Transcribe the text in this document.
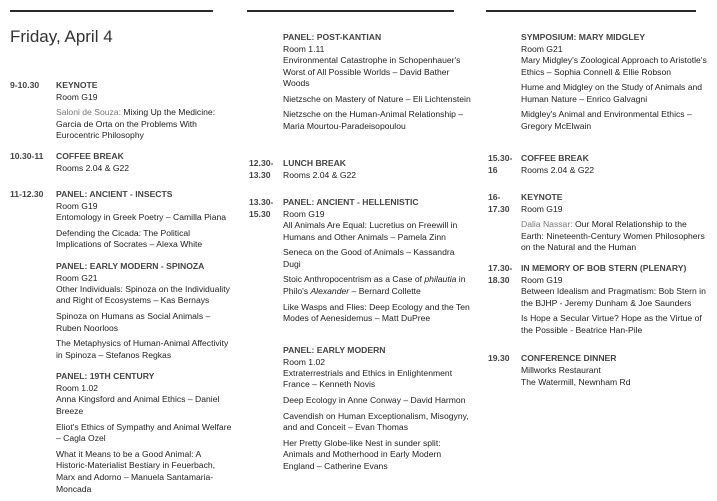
Friday, April 4
9-10.30	KEYNOTE
Room G19
Saloni de Souza: Mixing Up the Medicine: Garcia de Orta on the Problems With Eurocentric Philosophy
10.30-11 COFFEE BREAK
Rooms 2.04 & G22
11-12.30 PANEL: ANCIENT - INSECTS
Room G19
Entomology in Greek Poetry – Camilla Piana
Defending the Cicada: The Political Implications of Socrates – Alexa White
PANEL: EARLY MODERN - SPINOZA
Room G21
Other Individuals: Spinoza on the Individuality and Right of Ecosystems – Kas Bernays
Spinoza on Humans as Social Animals – Ruben Noorloos
The Metaphysics of Human-Animal Affectivity in Spinoza – Stefanos Regkas
PANEL: 19TH CENTURY
Room 1.02
Anna Kingsford and Animal Ethics – Daniel Breeze
Eliot's Ethics of Sympathy and Animal Welfare – Cagla Ozel
What it Means to be a Good Animal: A Historic-Materialist Bestiary in Feuerbach, Marx and Adorno – Manuela Santamaria-Moncada
PANEL: POST-KANTIAN
Room 1.11
Environmental Catastrophe in Schopenhauer's Worst of All Possible Worlds – David Bather Woods
Nietzsche on Mastery of Nature – Eli Lichtenstein
Nietzsche on the Human-Animal Relationship – Maria Mourtou-Paradeisopoulou
12.30-
13.30
LUNCH BREAK
Rooms 2.04 & G22
13.30-
15.30
PANEL: ANCIENT - HELLENISTIC
Room G19
All Animals Are Equal: Lucretius on Freewill in Humans and Other Animals – Pamela Zinn
Seneca on the Good of Animals – Kassandra Dugi
Stoic Anthropocentrism as a Case of philautia in Philo's Alexander – Bernard Collette
Like Wasps and Flies: Deep Ecology and the Ten Modes of Aenesidemus – Matt DuPree
PANEL: EARLY MODERN
Room 1.02
Extraterrestrials and Ethics in Enlightenment France – Kenneth Novis
Deep Ecology in Anne Conway – David Harmon
Cavendish on Human Exceptionalism, Misogyny, and and Conceit – Evan Thomas
Her Pretty Globe-like Nest in sunder split: Animals and Motherhood in Early Modern England – Catherine Evans
SYMPOSIUM: MARY MIDGLEY
Room G21
Mary Midgley's Zoological Approach to Aristotle's Ethics – Sophia Connell & Ellie Robson
Hume and Midgley on the Study of Animals and Human Nature – Enrico Galvagni
Midgley's Animal and Environmental Ethics – Gregory McElwain
15.30-
16
COFFEE BREAK
Rooms 2.04 & G22
16-
17.30
KEYNOTE
Room G19
Dalia Nassar: Our Moral Relationship to the Earth: Nineteenth-Century Women Philosophers on the Natural and the Human
17.30-
18.30
IN MEMORY OF BOB STERN (PLENARY)
Room G19
Between Idealism and Pragmatism: Bob Stern in the BJHP - Jeremy Dunham & Joe Saunders
Is Hope a Secular Virtue? Hope as the Virtue of the Possible - Beatrice Han-Pile
19.30	CONFERENCE DINNER
Millworks Restaurant
The Watermill, Newnham Rd
